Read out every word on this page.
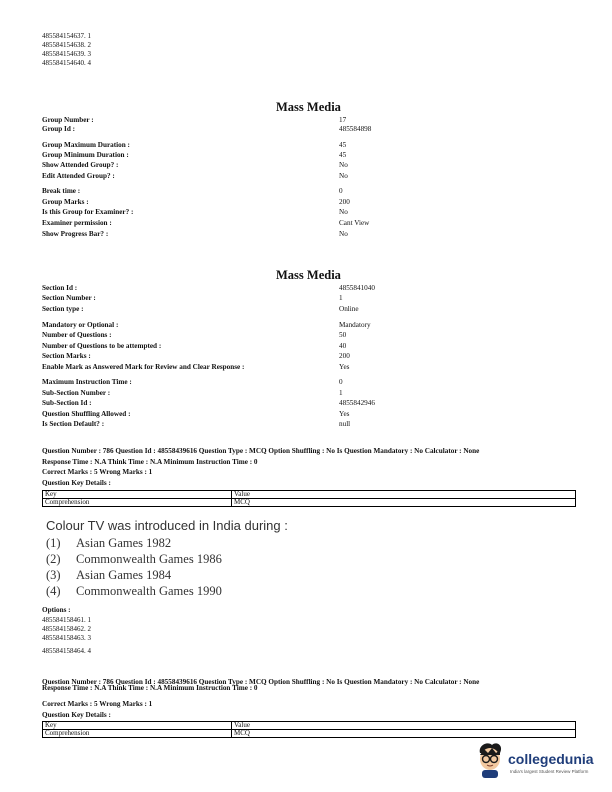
485584154637. 1
485584154638. 2
485584154639. 3
485584154640. 4
Mass Media
Group Number :	17
Group Id :	485584898
Group Maximum Duration :	45
Group Minimum Duration :	45
Show Attended Group? :	No
Edit Attended Group? :	No
Break time :	0
Group Marks :	200
Is this Group for Examiner? :	No
Examiner permission :	Cant View
Show Progress Bar? :	No
Mass Media
Section Id :	4855841040
Section Number :	1
Section type :	Online
Mandatory or Optional :	Mandatory
Number of Questions :	50
Number of Questions to be attempted :	40
Section Marks :	200
Enable Mark as Answered Mark for Review and Clear Response :	Yes
Maximum Instruction Time :	0
Sub-Section Number :	1
Sub-Section Id :	4855842946
Question Shuffling Allowed :	Yes
Is Section Default? :	null
Question Number : 786 Question Id : 48558439616 Question Type : MCQ Option Shuffling : No Is Question Mandatory : No Calculator : None
Response Time : N.A Think Time : N.A Minimum Instruction Time : 0
Correct Marks : 5 Wrong Marks : 1
Question Key Details :
Key	Value
Comprehension	MCQ
Colour TV was introduced in India during :
(1) Asian Games 1982
(2) Commonwealth Games 1986
(3) Asian Games 1984
(4) Commonwealth Games 1990
Options :
485584158461. 1
485584158462. 2
485584158463. 3
485584158464. 4
Question Number : 786 Question Id : 48558439616 Question Type : MCQ Option Shuffling : No Is Question Mandatory : No Calculator : None
Response Time : N.A Think Time : N.A Minimum Instruction Time : 0
Correct Marks : 5 Wrong Marks : 1
Question Key Details :
Key	Value
Comprehension	MCQ
collegedunia
India's largest Student Review Platform
